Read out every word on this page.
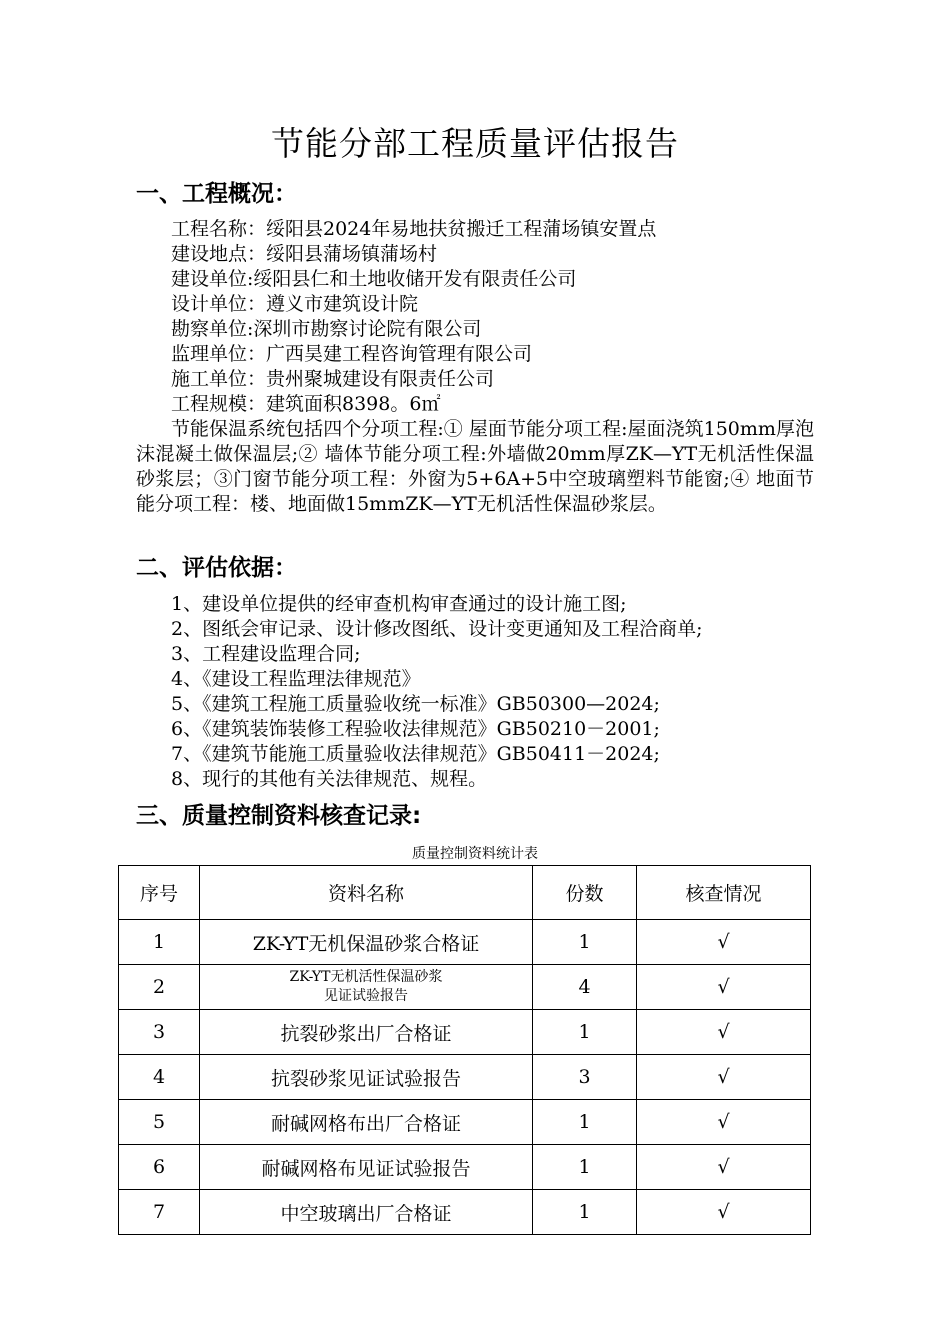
节能分部工程质量评估报告
一、工程概况：
工程名称：绥阳县2024年易地扶贫搬迁工程蒲场镇安置点
建设地点：绥阳县蒲场镇蒲场村
建设单位:绥阳县仁和土地收储开发有限责任公司
设计单位：遵义市建筑设计院
勘察单位:深圳市勘察讨论院有限公司
监理单位：广西昊建工程咨询管理有限公司
施工单位：贵州聚城建设有限责任公司
工程规模：建筑面积8398。6㎡
节能保温系统包括四个分项工程:① 屋面节能分项工程:屋面浇筑150mm厚泡沫混凝土做保温层;② 墙体节能分项工程:外墙做20mm厚ZK—YT无机活性保温砂浆层；③门窗节能分项工程：外窗为5+6A+5中空玻璃塑料节能窗;④ 地面节能分项工程：楼、地面做15mmZK—YT无机活性保温砂浆层。
二、评估依据：
1、建设单位提供的经审查机构审查通过的设计施工图;
2、图纸会审记录、设计修改图纸、设计变更通知及工程洽商单;
3、工程建设监理合同;
4、《建设工程监理法律规范》
5、《建筑工程施工质量验收统一标准》GB50300—2024;
6、《建筑装饰装修工程验收法律规范》GB50210－2001;
7、《建筑节能施工质量验收法律规范》GB50411－2024;
8、现行的其他有关法律规范、规程。
三、质量控制资料核查记录:
质量控制资料统计表
序号	资料名称	份数	核查情况
1	ZK-YT无机保温砂浆合格证	1	√
2	ZK-YT无机活性保温砂浆
见证试验报告	4	√
3	抗裂砂浆出厂合格证	1	√
4	抗裂砂浆见证试验报告	3	√
5	耐碱网格布出厂合格证	1	√
6	耐碱网格布见证试验报告	1	√
7	中空玻璃出厂合格证	1	√
